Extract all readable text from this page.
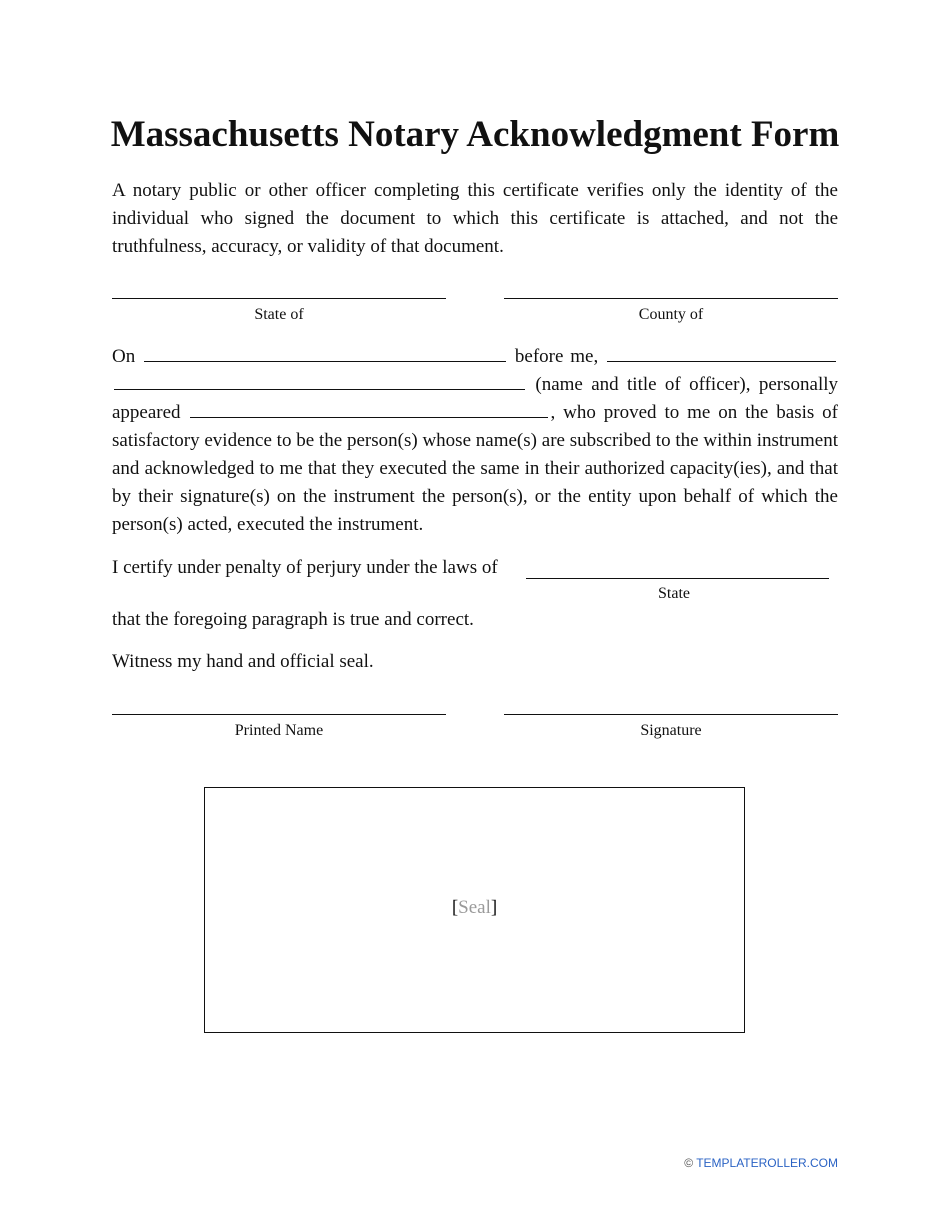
Massachusetts Notary Acknowledgment Form

A notary public or other officer completing this certificate verifies only the identity of the individual who signed the document to which this certificate is attached, and not the truthfulness, accuracy, or validity of that document.

State of	County of

On	before me,   (name and title of officer), personally appeared	, who proved to me on the basis of satisfactory evidence to be the person(s) whose name(s) are subscribed to the within instrument and acknowledged to me that they executed the same in their authorized capacity(ies), and that by their signature(s) on the instrument the person(s), or the entity upon behalf of which the person(s) acted, executed the instrument.

I certify under penalty of perjury under the laws of
State
that the foregoing paragraph is true and correct.
Witness my hand and official seal.
Printed Name	Signature
[Seal]
© TEMPLATEROLLER.COM
